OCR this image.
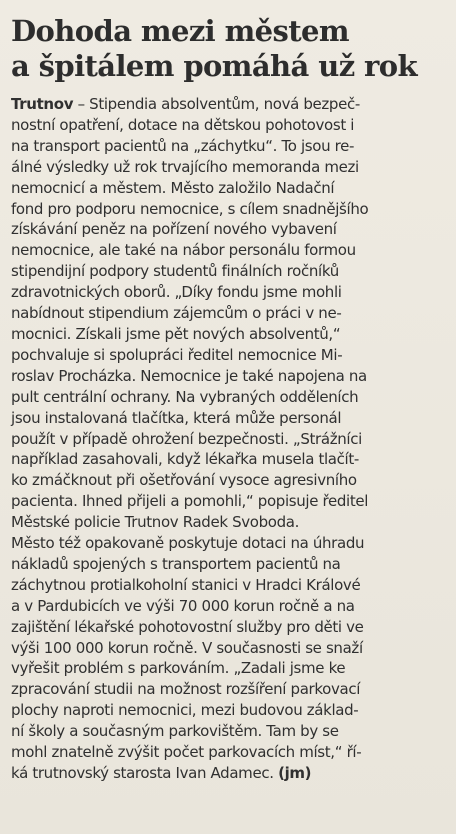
Dohoda mezi městem
a špitálem pomáhá už rok
Trutnov – Stipendia absolventům, nová bezpeč-
nostní opatření, dotace na dětskou pohotovost i
na transport pacientů na „záchytku“. To jsou re-
álné výsledky už rok trvajícího memoranda mezi
nemocnicí a městem. Město založilo Nadační
fond pro podporu nemocnice, s cílem snadnějšího
získávání peněz na pořízení nového vybavení
nemocnice, ale také na nábor personálu formou
stipendijní podpory studentů finálních ročníků
zdravotnických oborů. „Díky fondu jsme mohli
nabídnout stipendium zájemcům o práci v ne-
mocnici. Získali jsme pět nových absolventů,“
pochvaluje si spolupráci ředitel nemocnice Mi-
roslav Procházka. Nemocnice je také napojena na
pult centrální ochrany. Na vybraných odděleních
jsou instalovaná tlačítka, která může personál
použít v případě ohrožení bezpečnosti. „Strážníci
například zasahovali, když lékařka musela tlačít-
ko zmáčknout při ošetřování vysoce agresivního
pacienta. Ihned přijeli a pomohli,“ popisuje ředitel
Městské policie Trutnov Radek Svoboda.
Město též opakovaně poskytuje dotaci na úhradu
nákladů spojených s transportem pacientů na
záchytnou protialkoholní stanici v Hradci Králové
a v Pardubicích ve výši 70 000 korun ročně a na
zajištění lékařské pohotovostní služby pro děti ve
výši 100 000 korun ročně. V současnosti se snaží
vyřešit problém s parkováním. „Zadali jsme ke
zpracování studii na možnost rozšíření parkovací
plochy naproti nemocnici, mezi budovou základ-
ní školy a současným parkovištěm. Tam by se
mohl znatelně zvýšit počet parkovacích míst,“ ří-
ká trutnovský starosta Ivan Adamec. (jm)
